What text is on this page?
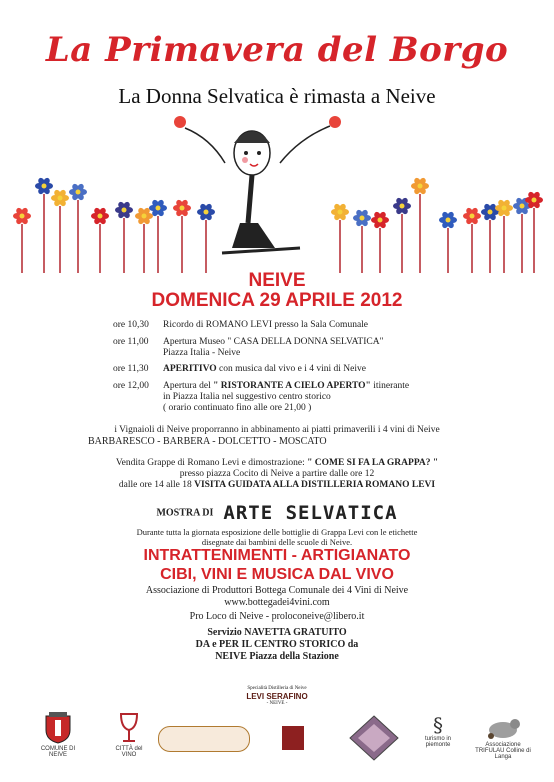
La Primavera del Borgo
La Donna Selvatica è rimasta a Neive
NEIVE
DOMENICA 29 APRILE 2012
ore 10,30	Ricordo di ROMANO LEVI presso la Sala Comunale
ore 11,00	Apertura Museo " CASA DELLA DONNA SELVATICA"
Piazza Italia - Neive
ore 11,30	APERITIVO con musica dal vivo e i 4 vini di Neive
ore 12,00	Apertura del " RISTORANTE A CIELO APERTO" itinerante
in Piazza Italia nel suggestivo centro storico
( orario continuato fino alle ore 21,00 )
i Vignaioli di Neive proporranno in abbinamento ai piatti primaverili i 4 vini di Neive
BARBARESCO - BARBERA - DOLCETTO - MOSCATO
Vendita Grappe di Romano Levi e dimostrazione: " COME SI FA LA GRAPPA? "
presso piazza Cocito di Neive a partire dalle ore 12
dalle ore 14 alle 18 VISITA GUIDATA ALLA DISTILLERIA ROMANO LEVI
MOSTRA DI ARTE SELVATICA
Durante tutta la giornata esposizione delle bottiglie di Grappa Levi con le etichette
disegnate dai bambini delle scuole di Neive.
INTRATTENIMENTI - ARTIGIANATO
CIBI, VINI E MUSICA DAL VIVO
Associazione di Produttori Bottega Comunale dei 4 Vini di Neive
www.bottegadei4vini.com
Pro Loco di Neive - proloconeive@libero.it
Servizio NAVETTA GRATUITO
DA e PER IL CENTRO STORICO da
NEIVE Piazza della Stazione
Specialità Distilleria di Neive
LEVI SERAFINO
- NEIVE -
COMUNE DI NEIVE
CITTÀ del VINO
§
turismo in piemonte	Associazione TRIFULAU Colline di Langa
